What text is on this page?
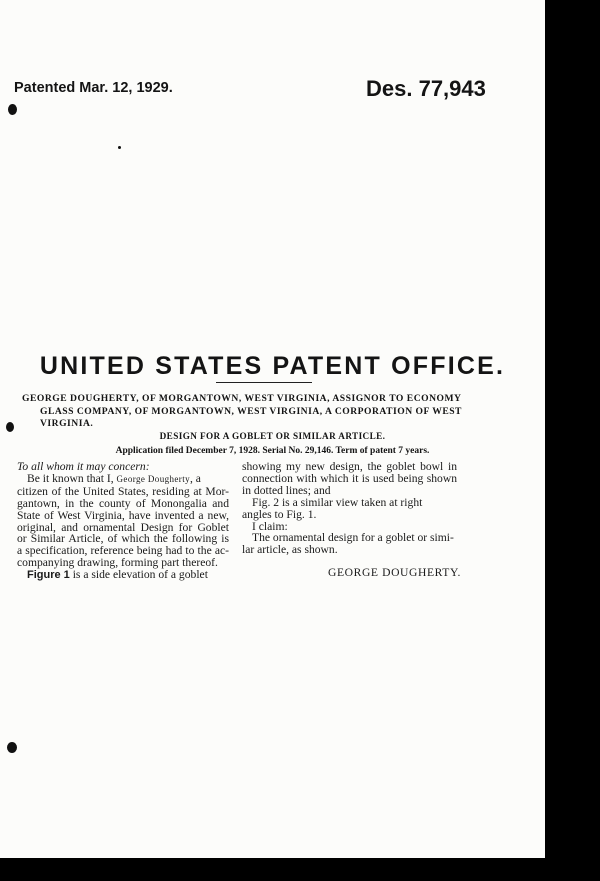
Patented Mar. 12, 1929.	Des. 77,943
UNITED STATES PATENT OFFICE.
GEORGE DOUGHERTY, OF MORGANTOWN, WEST VIRGINIA, ASSIGNOR TO ECONOMY
GLASS COMPANY, OF MORGANTOWN, WEST VIRGINIA, A CORPORATION OF WEST
VIRGINIA.
DESIGN FOR A GOBLET OR SIMILAR ARTICLE.
Application filed December 7, 1928. Serial No. 29,146. Term of patent 7 years.
To all whom it may concern:
Be it known that I, George Dougherty, a
citizen of the United States, residing at Mor-
gantown, in the county of Monongalia and
State of West Virginia, have invented a new,
original, and ornamental Design for Goblet
or Similar Article, of which the following is
a specification, reference being had to the ac-
companying drawing, forming part thereof.
Figure 1 is a side elevation of a goblet
showing my new design, the goblet bowl in
connection with which it is used being shown
in dotted lines; and
Fig. 2 is a similar view taken at right
angles to Fig. 1.
I claim:
The ornamental design for a goblet or simi-
lar article, as shown.
GEORGE DOUGHERTY.
